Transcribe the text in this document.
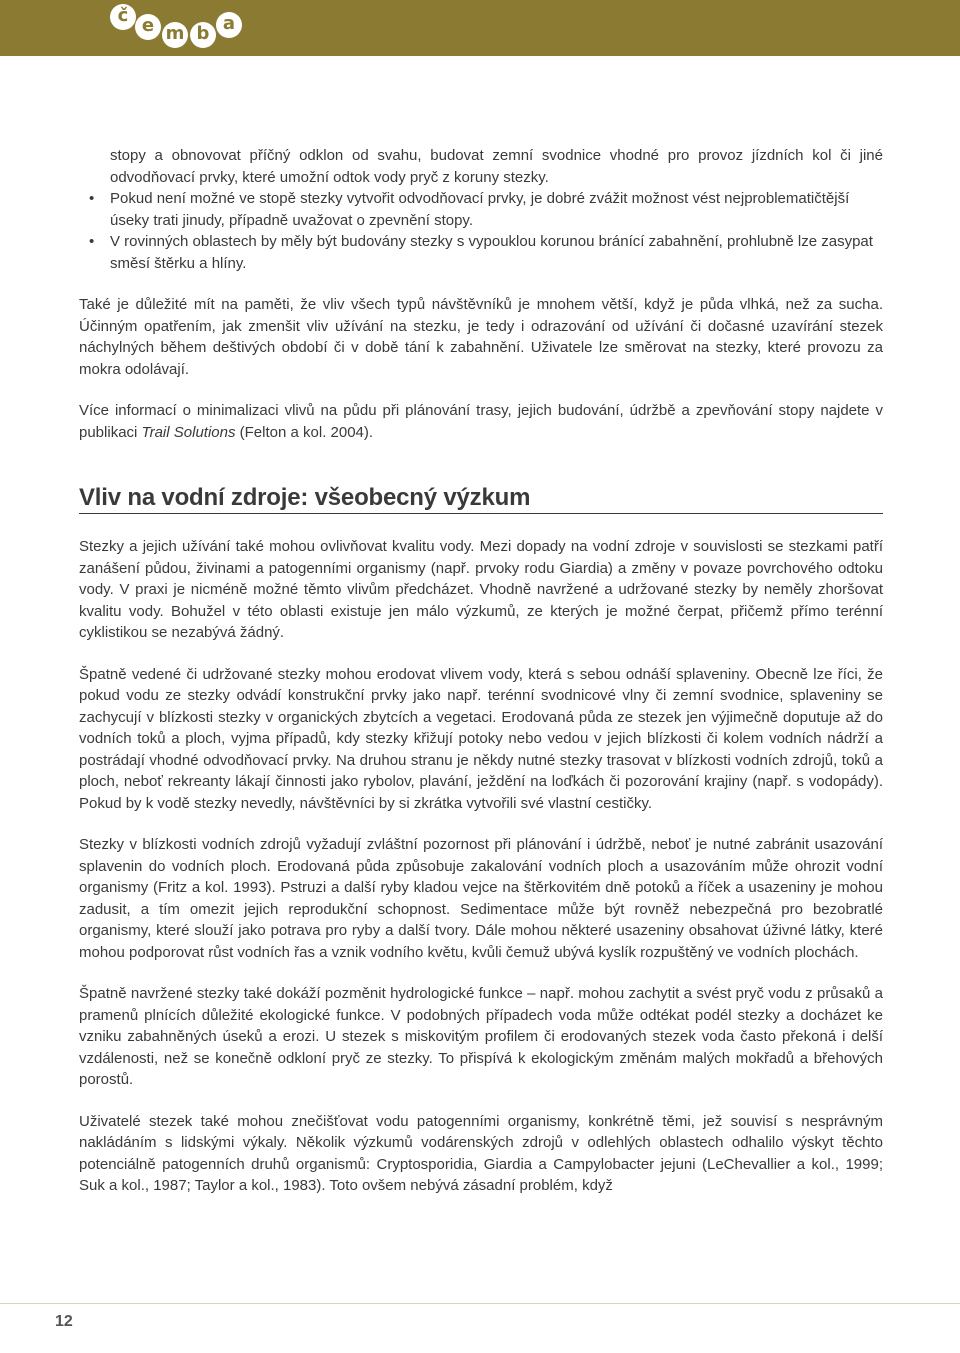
č e m b a
stopy a obnovovat příčný odklon od svahu, budovat zemní svodnice vhodné pro provoz jízdních kol či jiné odvodňovací prvky, které umožní odtok vody pryč z koruny stezky.
• Pokud není možné ve stopě stezky vytvořit odvodňovací prvky, je dobré zvážit možnost vést nejproblematičtější úseky trati jinudy, případně uvažovat o zpevnění stopy.
• V rovinných oblastech by měly být budovány stezky s vypouklou korunou bránící zabahnění, prohlubně lze zasypat směsí štěrku a hlíny.

Také je důležité mít na paměti, že vliv všech typů návštěvníků je mnohem větší, když je půda vlhká, než za sucha. Účinným opatřením, jak zmenšit vliv užívání na stezku, je tedy i odrazování od užívání či dočasné uzavírání stezek náchylných během deštivých období či v době tání k zabahnění. Uživatele lze směrovat na stezky, které provozu za mokra odolávají.

Více informací o minimalizaci vlivů na půdu při plánování trasy, jejich budování, údržbě a zpevňování stopy najdete v publikaci Trail Solutions (Felton a kol. 2004).

Vliv na vodní zdroje: všeobecný výzkum

Stezky a jejich užívání také mohou ovlivňovat kvalitu vody. Mezi dopady na vodní zdroje v souvislosti se stezkami patří zanášení půdou, živinami a patogenními organismy (např. prvoky rodu Giardia) a změny v povaze povrchového odtoku vody. V praxi je nicméně možné těmto vlivům předcházet. Vhodně navržené a udržované stezky by neměly zhoršovat kvalitu vody. Bohužel v této oblasti existuje jen málo výzkumů, ze kterých je možné čerpat, přičemž přímo terénní cyklistikou se nezabývá žádný.

Špatně vedené či udržované stezky mohou erodovat vlivem vody, která s sebou odnáší splaveniny. Obecně lze říci, že pokud vodu ze stezky odvádí konstrukční prvky jako např. terénní svodnicové vlny či zemní svodnice, splaveniny se zachycují v blízkosti stezky v organických zbytcích a vegetaci. Erodovaná půda ze stezek jen výjimečně doputuje až do vodních toků a ploch, vyjma případů, kdy stezky křižují potoky nebo vedou v jejich blízkosti či kolem vodních nádrží a postrádají vhodné odvodňovací prvky. Na druhou stranu je někdy nutné stezky trasovat v blízkosti vodních zdrojů, toků a ploch, neboť rekreanty lákají činnosti jako rybolov, plavání, ježdění na loďkách či pozorování krajiny (např. s vodopády). Pokud by k vodě stezky nevedly, návštěvníci by si zkrátka vytvořili své vlastní cestičky.

Stezky v blízkosti vodních zdrojů vyžadují zvláštní pozornost při plánování i údržbě, neboť je nutné zabránit usazování splavenin do vodních ploch. Erodovaná půda způsobuje zakalování vodních ploch a usazováním může ohrozit vodní organismy (Fritz a kol. 1993). Pstruzi a další ryby kladou vejce na štěrkovitém dně potoků a říček a usazeniny je mohou zadusit, a tím omezit jejich reprodukční schopnost. Sedimentace může být rovněž nebezpečná pro bezobratlé organismy, které slouží jako potrava pro ryby a další tvory. Dále mohou některé usazeniny obsahovat úživné látky, které mohou podporovat růst vodních řas a vznik vodního květu, kvůli čemuž ubývá kyslík rozpuštěný ve vodních plochách.

Špatně navržené stezky také dokáží pozměnit hydrologické funkce – např. mohou zachytit a svést pryč vodu z průsaků a pramenů plnících důležité ekologické funkce. V podobných případech voda může odtékat podél stezky a docházet ke vzniku zabahněných úseků a erozi. U stezek s miskovitým profilem či erodovaných stezek voda často překoná i delší vzdálenosti, než se konečně odkloní pryč ze stezky. To přispívá k ekologickým změnám malých mokřadů a břehových porostů.

Uživatelé stezek také mohou znečišťovat vodu patogenními organismy, konkrétně těmi, jež souvisí s nesprávným nakládáním s lidskými výkaly. Několik výzkumů vodárenských zdrojů v odlehlých oblastech odhalilo výskyt těchto potenciálně patogenních druhů organismů: Cryptosporidia, Giardia a Campylobacter jejuni (LeChevallier a kol., 1999; Suk a kol., 1987; Taylor a kol., 1983). Toto ovšem nebývá zásadní problém, když

12
